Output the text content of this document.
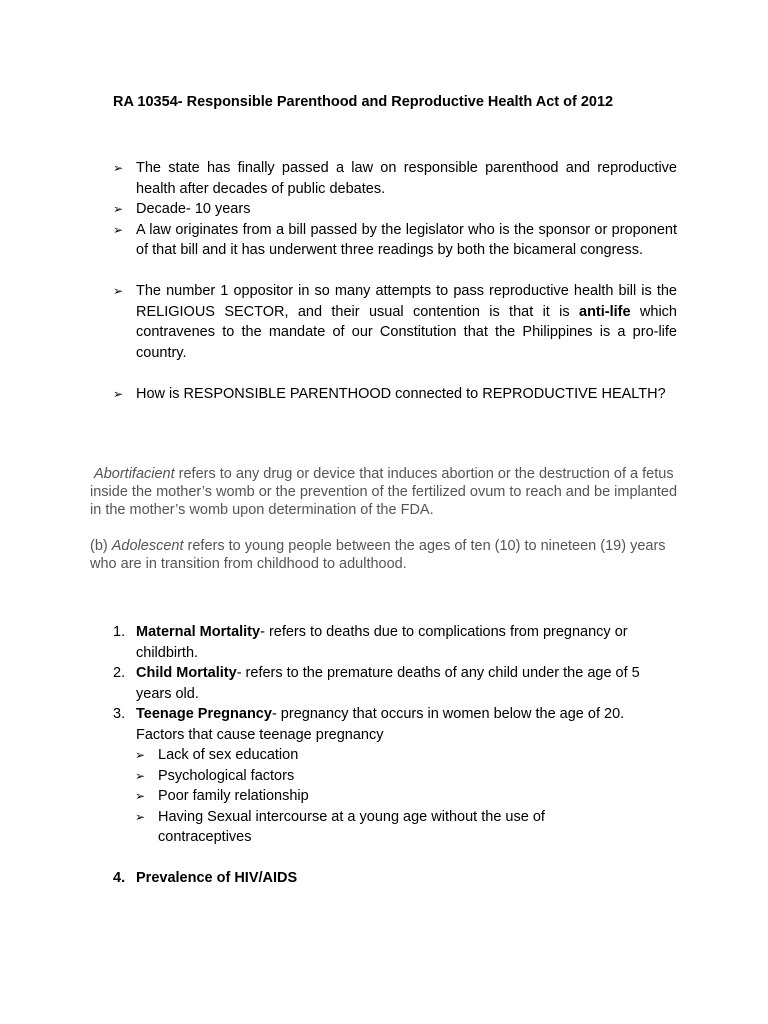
RA 10354- Responsible Parenthood and Reproductive Health Act of 2012
➢ The state has finally passed a law on responsible parenthood and reproductive health after decades of public debates.
➢ Decade- 10 years
➢ A law originates from a bill passed by the legislator who is the sponsor or proponent of that bill and it has underwent three readings by both the bicameral congress.
➢ The number 1 oppositor in so many attempts to pass reproductive health bill is the RELIGIOUS SECTOR, and their usual contention is that it is anti-life which contravenes to the mandate of our Constitution that the Philippines is a pro-life country.
➢ How is RESPONSIBLE PARENTHOOD connected to REPRODUCTIVE HEALTH?

Abortifacient refers to any drug or device that induces abortion or the destruction of a fetus inside the mother’s womb or the prevention of the fertilized ovum to reach and be implanted in the mother’s womb upon determination of the FDA.

(b) Adolescent refers to young people between the ages of ten (10) to nineteen (19) years who are in transition from childhood to adulthood.

1. Maternal Mortality- refers to deaths due to complications from pregnancy or childbirth.
2. Child Mortality- refers to the premature deaths of any child under the age of 5 years old.
3. Teenage Pregnancy- pregnancy that occurs in women below the age of 20.
Factors that cause teenage pregnancy
➢ Lack of sex education
➢ Psychological factors
➢ Poor family relationship
➢ Having Sexual intercourse at a young age without the use of contraceptives
4. Prevalence of HIV/AIDS
